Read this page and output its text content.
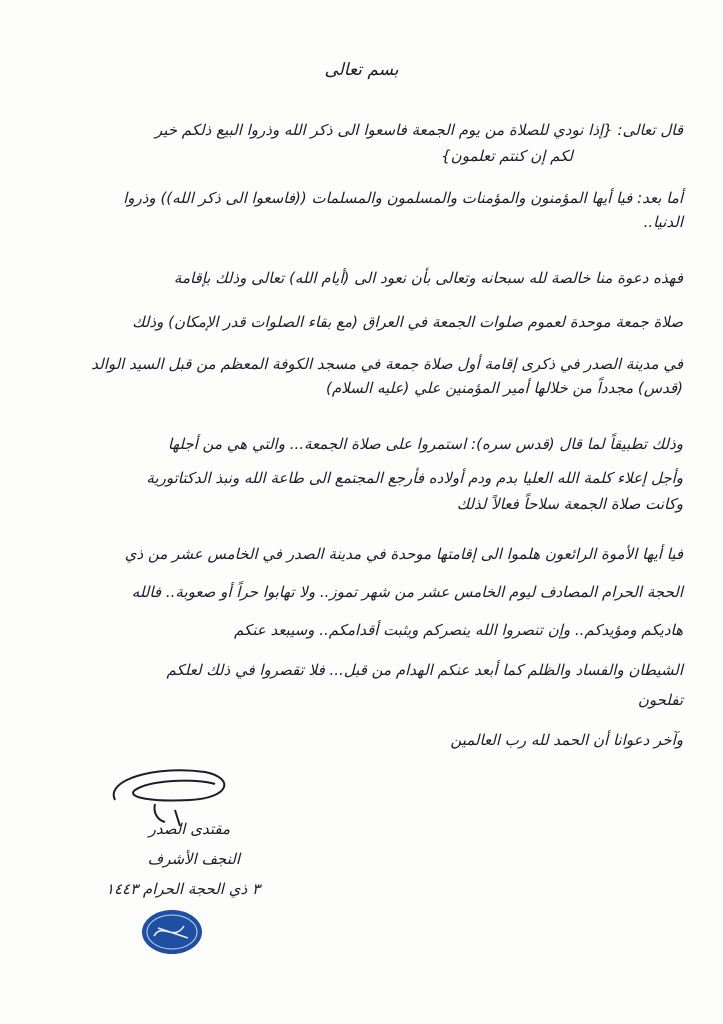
بسم تعالى
قال تعالى: {إذا نودي للصلاة من يوم الجمعة فاسعوا الى ذكر الله وذروا البيع ذلكم خير
لكم إن كنتم تعلمون}
أما بعد: فيا أيها المؤمنون والمؤمنات والمسلمون والمسلمات ((فاسعوا الى ذكر الله)) وذروا
الدنيا..
فهذه دعوة منا خالصة لله سبحانه وتعالى بأن نعود الى (أيام الله) تعالى وذلك بإقامة
صلاة جمعة موحدة لعموم صلوات الجمعة في العراق (مع بقاء الصلوات قدر الإمكان) وذلك
في مدينة الصدر في ذكرى إقامة أول صلاة جمعة في مسجد الكوفة المعظم من قبل السيد الوالد
(قدس) مجدداً من خلالها أمير المؤمنين علي (عليه السلام)
وذلك تطبيقاً لما قال (قدس سره): استمروا على صلاة الجمعة... والتي هي من أجلها
وأجل إعلاء كلمة الله العليا بدم ودم أولاده فأرجع المجتمع الى طاعة الله ونبذ الدكتاتورية
وكانت صلاة الجمعة سلاحاً فعالاً لذلك
فيا أيها الأموة الرائعون هلموا الى إقامتها موحدة في مدينة الصدر في الخامس عشر من ذي
الحجة الحرام المصادف ليوم الخامس عشر من شهر تموز.. ولا تهابوا حراً أو صعوبة.. فالله
هاديكم ومؤيدكم.. وإن تنصروا الله ينصركم ويثبت أقدامكم.. وسيبعد عنكم
الشيطان والفساد والظلم كما أبعد عنكم الهدام من قبل... فلا تقصروا في ذلك لعلكم
تفلحون
وآخر دعوانا أن الحمد لله رب العالمين
مقتدى الصدر
النجف الأشرف
٣ ذي الحجة الحرام ١٤٤٣
